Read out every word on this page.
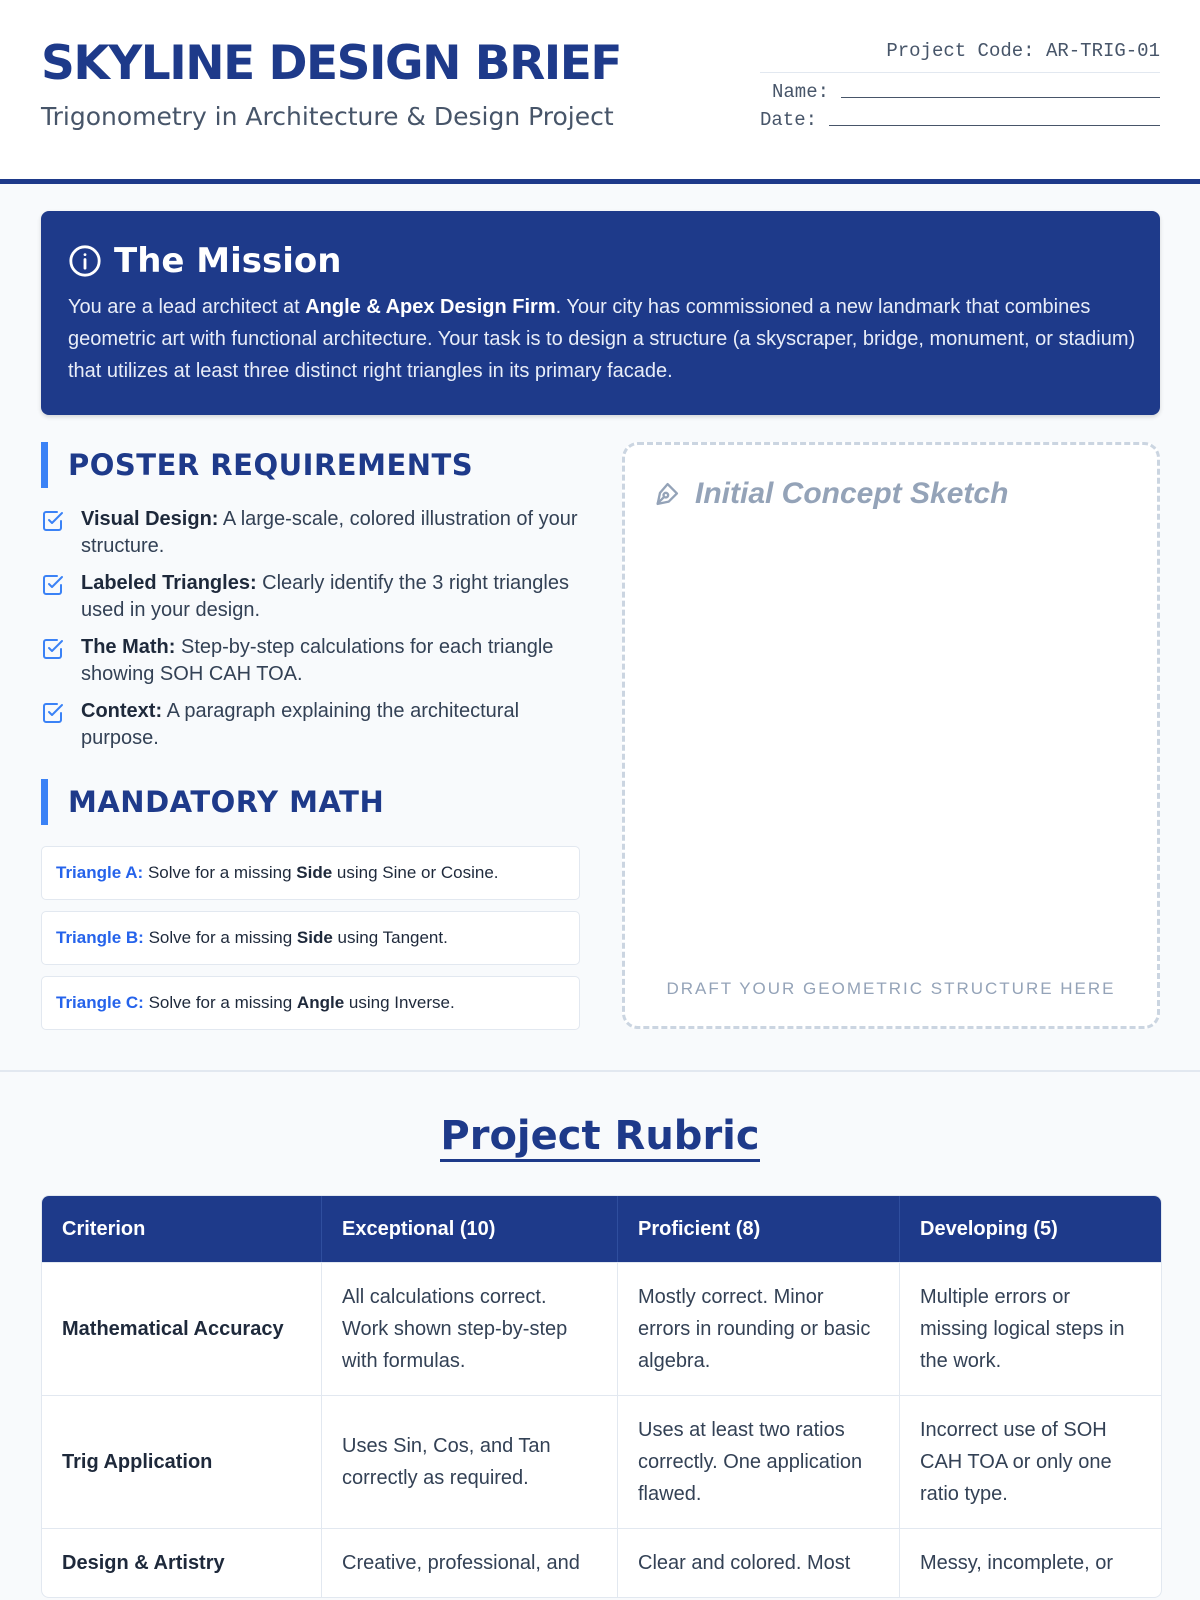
SKYLINE DESIGN BRIEF
Trigonometry in Architecture & Design Project
Project Code: AR-TRIG-01
Name:
Date:
The Mission
You are a lead architect at Angle & Apex Design Firm. Your city has commissioned a new landmark that combines geometric art with functional architecture. Your task is to design a structure (a skyscraper, bridge, monument, or stadium) that utilizes at least three distinct right triangles in its primary facade.
POSTER REQUIREMENTS
Visual Design: A large-scale, colored illustration of your structure.
Labeled Triangles: Clearly identify the 3 right triangles used in your design.
The Math: Step-by-step calculations for each triangle showing SOH CAH TOA.
Context: A paragraph explaining the architectural purpose.
MANDATORY MATH
Triangle A: Solve for a missing Side using Sine or Cosine.
Triangle B: Solve for a missing Side using Tangent.
Triangle C: Solve for a missing Angle using Inverse.
Initial Concept Sketch
DRAFT YOUR GEOMETRIC STRUCTURE HERE
Project Rubric
Criterion	Exceptional (10)	Proficient (8)	Developing (5)
Mathematical Accuracy	All calculations correct. Work shown step-by-step with formulas.	Mostly correct. Minor errors in rounding or basic algebra.	Multiple errors or missing logical steps in the work.
Trig Application	Uses Sin, Cos, and Tan correctly as required.	Uses at least two ratios correctly. One application flawed.	Incorrect use of SOH CAH TOA or only one ratio type.
Design & Artistry	Creative, professional, and	Clear and colored. Most	Messy, incomplete, or
